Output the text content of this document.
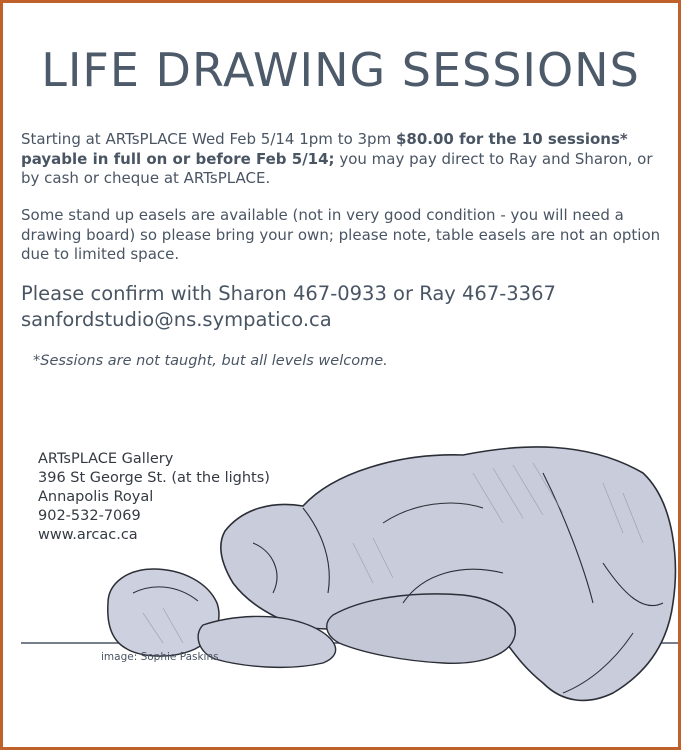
LIFE DRAWING SESSIONS
Starting at ARTsPLACE Wed Feb 5/14 1pm to 3pm $80.00 for the 10 sessions* payable in full on or before Feb 5/14; you may pay direct to Ray and Sharon, or by cash or cheque at ARTsPLACE.
Some stand up easels are available (not in very good condition - you will need a drawing board) so please bring your own; please note, table easels are not an option due to limited space.
Please confirm with Sharon 467-0933 or Ray 467-3367
sanfordstudio@ns.sympatico.ca
*Sessions are not taught, but all levels welcome.
ARTsPLACE Gallery
396 St George St. (at the lights)
Annapolis Royal
902-532-7069
www.arcac.ca
image: Sophie Paskins
